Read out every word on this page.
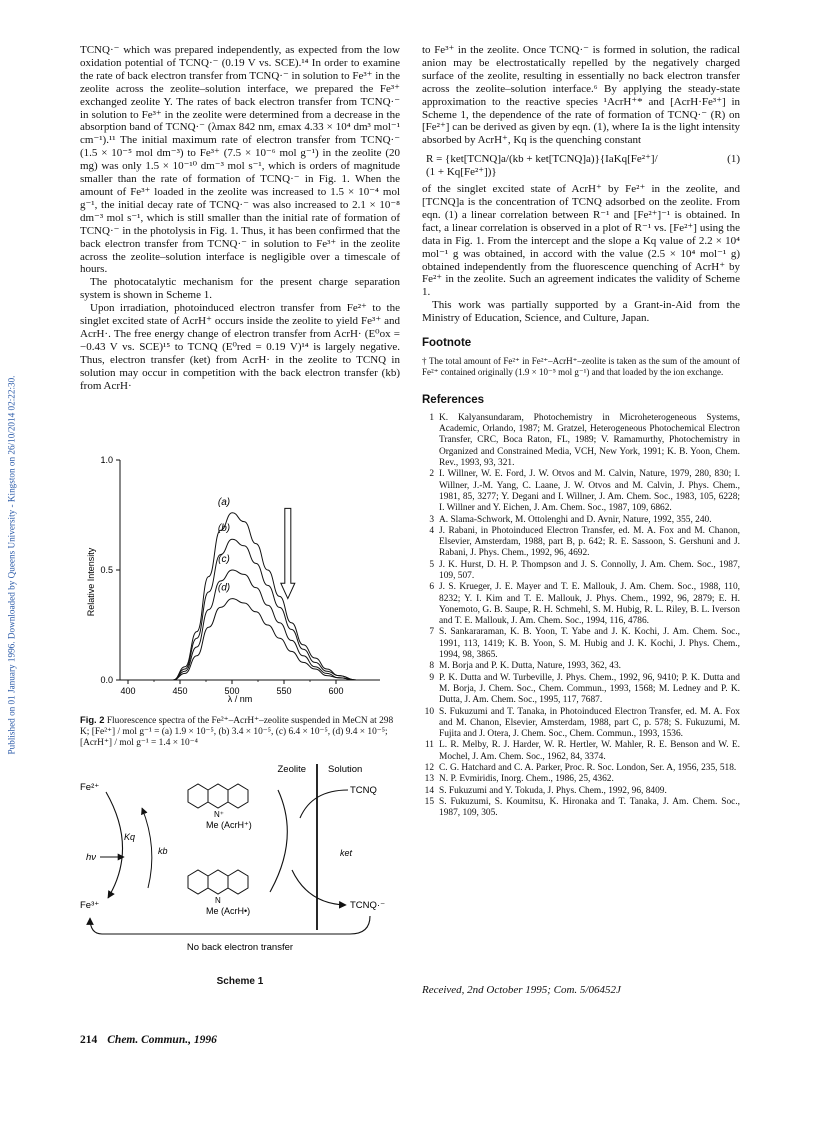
Published on 01 January 1996. Downloaded by Queens University - Kingston on 26/10/2014 02:22:30.

TCNQ·⁻ which was prepared independently, as expected from the low oxidation potential of TCNQ·⁻ (0.19 V vs. SCE).¹⁴ In order to examine the rate of back electron transfer from TCNQ·⁻ in solution to Fe³⁺ in the zeolite across the zeolite–solution interface, we prepared the Fe³⁺ exchanged zeolite Y. The rates of back electron transfer from TCNQ·⁻ in solution to Fe³⁺ in the zeolite were determined from a decrease in the absorption band of TCNQ·⁻ (λmax 842 nm, εmax 4.33 × 10⁴ dm³ mol⁻¹ cm⁻¹).¹¹ The initial maximum rate of electron transfer from TCNQ·⁻ (1.5 × 10⁻⁵ mol dm⁻³) to Fe³⁺ (7.5 × 10⁻⁶ mol g⁻¹) in the zeolite (20 mg) was only 1.5 × 10⁻¹⁰ dm⁻³ mol s⁻¹, which is orders of magnitude smaller than the rate of formation of TCNQ·⁻ in Fig. 1. When the amount of Fe³⁺ loaded in the zeolite was increased to 1.5 × 10⁻⁴ mol g⁻¹, the initial decay rate of TCNQ·⁻ was also increased to 2.1 × 10⁻⁸ dm⁻³ mol s⁻¹, which is still smaller than the initial rate of formation of TCNQ·⁻ in the photolysis in Fig. 1. Thus, it has been confirmed that the back electron transfer from TCNQ·⁻ in solution to Fe³⁺ in the zeolite across the zeolite–solution interface is negligible over a timescale of hours.

The photocatalytic mechanism for the present charge separation system is shown in Scheme 1.

Upon irradiation, photoinduced electron transfer from Fe²⁺ to the singlet excited state of AcrH⁺ occurs inside the zeolite to yield Fe³⁺ and AcrH·. The free energy change of electron transfer from AcrH· (E⁰ox = −0.43 V vs. SCE)¹⁵ to TCNQ (E⁰red = 0.19 V)¹⁴ is largely negative. Thus, electron transfer (ket) from AcrH· in the zeolite to TCNQ in solution may occur in competition with the back electron transfer (kb) from AcrH·

400	450	500	550	600
0.0
0.5
1.0
(a)
(b)
(c)
(d)
Relative Intensity
λ / nm
Fig. 2 Fluorescence spectra of the Fe²⁺–AcrH⁺–zeolite suspended in MeCN at 298 K; [Fe²⁺] / mol g⁻¹ = (a) 1.9 × 10⁻⁵, (b) 3.4 × 10⁻⁵, (c) 6.4 × 10⁻⁵, (d) 9.4 × 10⁻⁵; [AcrH⁺] / mol g⁻¹ = 1.4 × 10⁻⁴
Zeolite Solution
Fe²⁺
Fe³⁺
hν
Kq
kb
N⁺
Me (AcrH⁺)
N
Me (AcrH•)
ket
TCNQ
TCNQ·⁻
No back electron transfer
Scheme 1

to Fe³⁺ in the zeolite. Once TCNQ·⁻ is formed in solution, the radical anion may be electrostatically repelled by the negatively charged surface of the zeolite, resulting in essentially no back electron transfer across the zeolite–solution interface.⁶ By applying the steady-state approximation to the reactive species ¹AcrH⁺* and [AcrH·Fe³⁺] in Scheme 1, the dependence of the rate of formation of TCNQ·⁻ (R) on [Fe²⁺] can be derived as given by eqn. (1), where Ia is the light intensity absorbed by AcrH⁺, Kq is the quenching constant

R = {ket[TCNQ]a/(kb + ket[TCNQ]a)}{IaKq[Fe²⁺]/
(1 + Kq[Fe²⁺])}
(1)

of the singlet excited state of AcrH⁺ by Fe²⁺ in the zeolite, and [TCNQ]a is the concentration of TCNQ adsorbed on the zeolite. From eqn. (1) a linear correlation between R⁻¹ and [Fe²⁺]⁻¹ is obtained. In fact, a linear correlation is observed in a plot of R⁻¹ vs. [Fe²⁺] using the data in Fig. 1. From the intercept and the slope a Kq value of 2.2 × 10⁴ mol⁻¹ g was obtained, in accord with the value (2.5 × 10⁴ mol⁻¹ g) obtained independently from the fluorescence quenching of AcrH⁺ by Fe²⁺ in the zeolite. Such an agreement indicates the validity of Scheme 1.

This work was partially supported by a Grant-in-Aid from the Ministry of Education, Science, and Culture, Japan.

Footnote

† The total amount of Fe²⁺ in Fe²⁺–AcrH⁺–zeolite is taken as the sum of the amount of Fe²⁺ contained originally (1.9 × 10⁻⁵ mol g⁻¹) and that loaded by the ion exchange.

References
1 K. Kalyansundaram, Photochemistry in Microheterogeneous Systems, Academic, Orlando, 1987; M. Gratzel, Heterogeneous Photochemical Electron Transfer, CRC, Boca Raton, FL, 1989; V. Ramamurthy, Photochemistry in Organized and Constrained Media, VCH, New York, 1991; K. B. Yoon, Chem. Rev., 1993, 93, 321.
2 I. Willner, W. E. Ford, J. W. Otvos and M. Calvin, Nature, 1979, 280, 830; I. Willner, J.-M. Yang, C. Laane, J. W. Otvos and M. Calvin, J. Phys. Chem., 1981, 85, 3277; Y. Degani and I. Willner, J. Am. Chem. Soc., 1983, 105, 6228; I. Willner and Y. Eichen, J. Am. Chem. Soc., 1987, 109, 6862.
3 A. Slama-Schwork, M. Ottolenghi and D. Avnir, Nature, 1992, 355, 240.
4 J. Rabani, in Photoinduced Electron Transfer, ed. M. A. Fox and M. Chanon, Elsevier, Amsterdam, 1988, part B, p. 642; R. E. Sassoon, S. Gershuni and J. Rabani, J. Phys. Chem., 1992, 96, 4692.
5 J. K. Hurst, D. H. P. Thompson and J. S. Connolly, J. Am. Chem. Soc., 1987, 109, 507.
6 J. S. Krueger, J. E. Mayer and T. E. Mallouk, J. Am. Chem. Soc., 1988, 110, 8232; Y. I. Kim and T. E. Mallouk, J. Phys. Chem., 1992, 96, 2879; E. H. Yonemoto, G. B. Saupe, R. H. Schmehl, S. M. Hubig, R. L. Riley, B. L. Iverson and T. E. Mallouk, J. Am. Chem. Soc., 1994, 116, 4786.
7 S. Sankararaman, K. B. Yoon, T. Yabe and J. K. Kochi, J. Am. Chem. Soc., 1991, 113, 1419; K. B. Yoon, S. M. Hubig and J. K. Kochi, J. Phys. Chem., 1994, 98, 3865.
8 M. Borja and P. K. Dutta, Nature, 1993, 362, 43.
9 P. K. Dutta and W. Turbeville, J. Phys. Chem., 1992, 96, 9410; P. K. Dutta and M. Borja, J. Chem. Soc., Chem. Commun., 1993, 1568; M. Ledney and P. K. Dutta, J. Am. Chem. Soc., 1995, 117, 7687.
10 S. Fukuzumi and T. Tanaka, in Photoinduced Electron Transfer, ed. M. A. Fox and M. Chanon, Elsevier, Amsterdam, 1988, part C, p. 578; S. Fukuzumi, M. Fujita and J. Otera, J. Chem. Soc., Chem. Commun., 1993, 1536.
11 L. R. Melby, R. J. Harder, W. R. Hertler, W. Mahler, R. E. Benson and W. E. Mochel, J. Am. Chem. Soc., 1962, 84, 3374.
12 C. G. Hatchard and C. A. Parker, Proc. R. Soc. London, Ser. A, 1956, 235, 518.
13 N. P. Evmiridis, Inorg. Chem., 1986, 25, 4362.
14 S. Fukuzumi and Y. Tokuda, J. Phys. Chem., 1992, 96, 8409.
15 S. Fukuzumi, S. Koumitsu, K. Hironaka and T. Tanaka, J. Am. Chem. Soc., 1987, 109, 305.
Received, 2nd October 1995; Com. 5/06452J
214 Chem. Commun., 1996
